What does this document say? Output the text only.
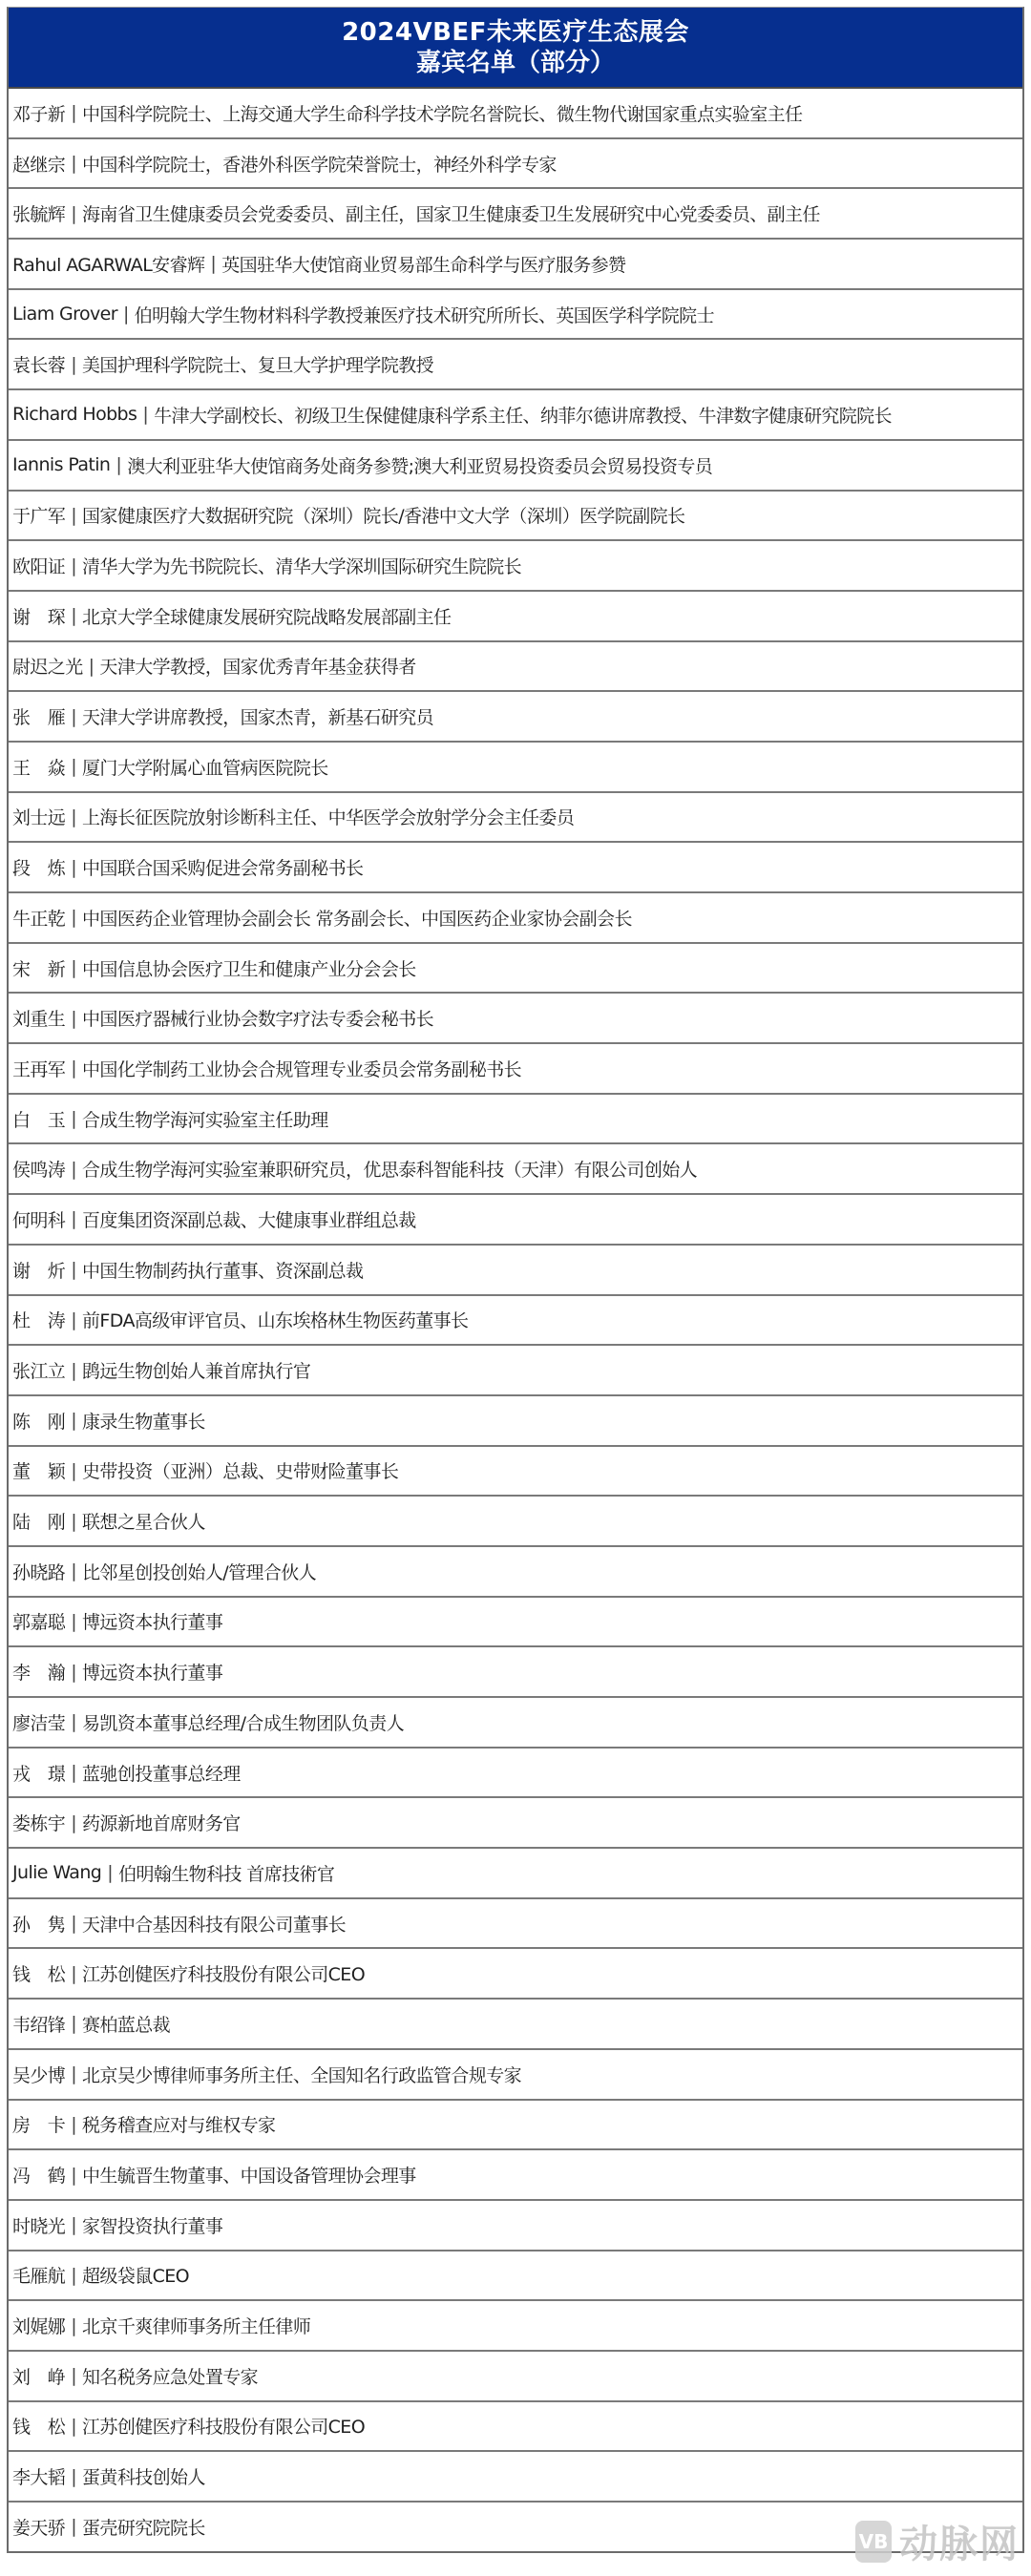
2024VBEF未来医疗生态展会
嘉宾名单（部分）
邓子新 | 中国科学院院士、上海交通大学生命科学技术学院名誉院长、微生物代谢国家重点实验室主任
赵继宗 | 中国科学院院士，香港外科医学院荣誉院士，神经外科学专家
张毓辉 | 海南省卫生健康委员会党委委员、副主任，国家卫生健康委卫生发展研究中心党委委员、副主任
Rahul AGARWAL安睿辉 | 英国驻华大使馆商业贸易部生命科学与医疗服务参赞
Liam Grover | 伯明翰大学生物材料科学教授兼医疗技术研究所所长、英国医学科学院院士
袁长蓉 | 美国护理科学院院士、复旦大学护理学院教授
Richard Hobbs | 牛津大学副校长、初级卫生保健健康科学系主任、纳菲尔德讲席教授、牛津数字健康研究院院长
Iannis Patin | 澳大利亚驻华大使馆商务处商务参赞;澳大利亚贸易投资委员会贸易投资专员
于广军 | 国家健康医疗大数据研究院（深圳）院长/香港中文大学（深圳）医学院副院长
欧阳证 | 清华大学为先书院院长、清华大学深圳国际研究生院院长
谢　琛 | 北京大学全球健康发展研究院战略发展部副主任
尉迟之光 | 天津大学教授，国家优秀青年基金获得者
张　雁 | 天津大学讲席教授，国家杰青，新基石研究员
王　焱 | 厦门大学附属心血管病医院院长
刘士远 | 上海长征医院放射诊断科主任、中华医学会放射学分会主任委员
段　炼 | 中国联合国采购促进会常务副秘书长
牛正乾 | 中国医药企业管理协会副会长 常务副会长、中国医药企业家协会副会长
宋　新 | 中国信息协会医疗卫生和健康产业分会会长
刘重生 | 中国医疗器械行业协会数字疗法专委会秘书长
王再军 | 中国化学制药工业协会合规管理专业委员会常务副秘书长
白　玉 | 合成生物学海河实验室主任助理
侯鸣涛 | 合成生物学海河实验室兼职研究员，优思泰科智能科技（天津）有限公司创始人
何明科 | 百度集团资深副总裁、大健康事业群组总裁
谢　炘 | 中国生物制药执行董事、资深副总裁
杜　涛 | 前FDA高级审评官员、山东埃格林生物医药董事长
张江立 | 鹍远生物创始人兼首席执行官
陈　刚 | 康录生物董事长
董　颖 | 史带投资（亚洲）总裁、史带财险董事长
陆　刚 | 联想之星合伙人
孙晓路 | 比邻星创投创始人/管理合伙人
郭嘉聪 | 博远资本执行董事
李　瀚 | 博远资本执行董事
廖洁莹 | 易凯资本董事总经理/合成生物团队负责人
戎　璟 | 蓝驰创投董事总经理
娄栋宇 | 药源新地首席财务官
Julie Wang | 伯明翰生物科技 首席技術官
孙　隽 | 天津中合基因科技有限公司董事长
钱　松 | 江苏创健医疗科技股份有限公司CEO
韦绍锋 | 赛柏蓝总裁
吴少博 | 北京吴少博律师事务所主任、全国知名行政监管合规专家
房　卡 | 税务稽查应对与维权专家
冯　鹤 | 中生毓晋生物董事、中国设备管理协会理事
时晓光 | 家智投资执行董事
毛雁航 | 超级袋鼠CEO
刘娓娜 | 北京千爽律师事务所主任律师
刘　峥 | 知名税务应急处置专家
钱　松 | 江苏创健医疗科技股份有限公司CEO
李大韬 | 蛋黄科技创始人
姜天骄 | 蛋壳研究院院长
VB 动脉网
